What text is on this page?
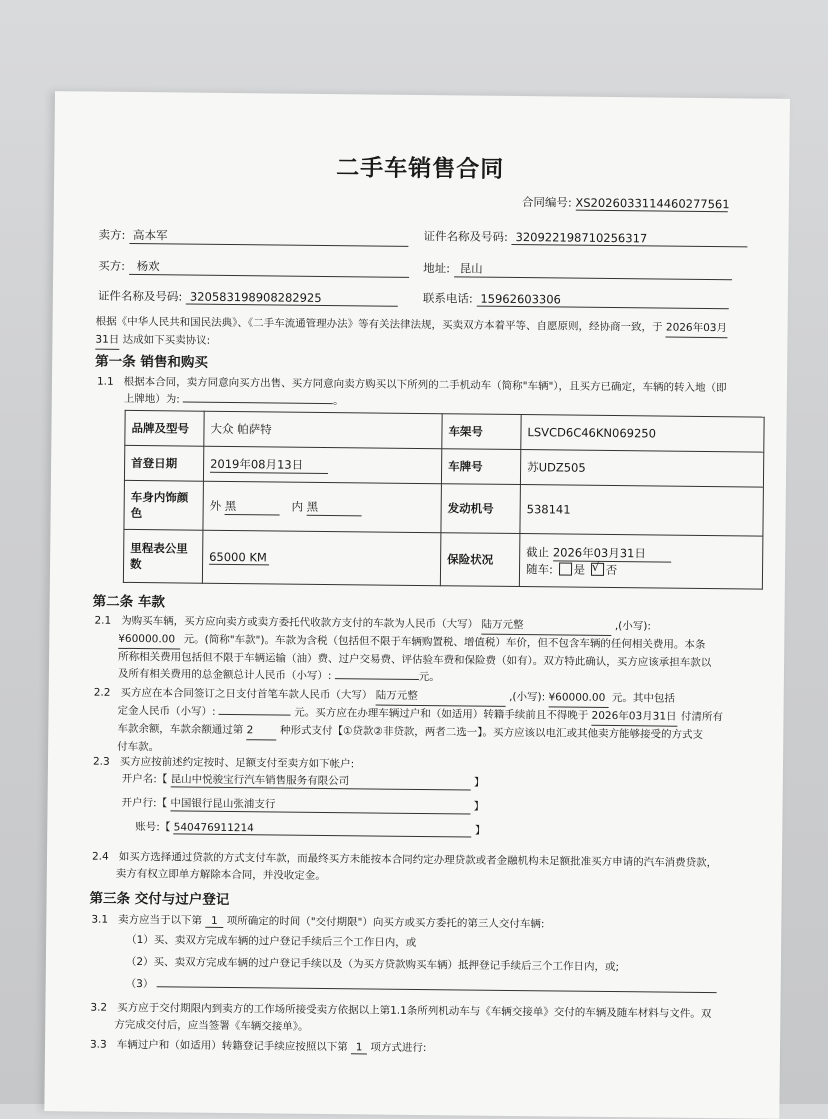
二手车销售合同
合同编号: XS2026033114460277561
卖方: 高本军	证件名称及号码: 320922198710256317
买方: 杨欢	地址: 昆山
证件名称及号码: 320583198908282925	联系电话: 15962603306
根据《中华人民共和国民法典》、《二手车流通管理办法》等有关法律法规，买卖双方本着平等、自愿原则，经协商一致，于 2026年03月
31日 达成如下买卖协议:
第一条 销售和购买
1.1 根据本合同，卖方同意向买方出售、买方同意向卖方购买以下所列的二手机动车（简称"车辆"），且买方已确定，车辆的转入地（即
上牌地）为:	。
品牌及型号	大众 帕萨特	车架号	LSVCD6C46KN069250
首登日期	2019年08月13日	车牌号	苏UDZ505
车身内饰颜
色	外 黑 内 黑	发动机号	538141
里程表公里
数	65000 KM	保险状况	截止 2026年03月31日
随车: 是 √ 否
第二条 车款
2.1 为购买车辆，买方应向卖方或卖方委托代收款方支付的车款为人民币（大写） 陆万元整	,(小写):
¥60000.00 元。(简称"车款")。车款为含税（包括但不限于车辆购置税、增值税）车价，但不包含车辆的任何相关费用。本条
所称相关费用包括但不限于车辆运输（油）费、过户交易费、评估验车费和保险费（如有）。双方特此确认，买方应该承担车款以
及所有相关费用的总金额总计人民币（小写）:	元。
2.2 买方应在本合同签订之日支付首笔车款人民币（大写） 陆万元整	,(小写): ¥60000.00 元。其中包括
定金人民币（小写）:	元。买方应在办理车辆过户和（如适用）转籍手续前且不得晚于 2026年03月31日 付清所有
车款余额，车款余额通过第 2	种形式支付【①贷款②非贷款，两者二选一】。买方应该以电汇或其他卖方能够接受的方式支
付车款。
2.3 买方应按前述约定按时、足额支付至卖方如下帐户:
开户名:【 昆山中悦骏宝行汽车销售服务有限公司	】
开户行:【 中国银行昆山张浦支行	】
账号:【 540476911214	】
2.4 如买方选择通过贷款的方式支付车款，而最终买方未能按本合同约定办理贷款或者金融机构未足额批准买方申请的汽车消费贷款，
卖方有权立即单方解除本合同，并没收定金。
第三条 交付与过户登记
3.1 卖方应当于以下第 1 项所确定的时间（"交付期限"）向买方或买方委托的第三人交付车辆:
（1）买、卖双方完成车辆的过户登记手续后三个工作日内，或
（2）买、卖双方完成车辆的过户登记手续以及（为买方贷款购买车辆）抵押登记手续后三个工作日内，或;
（3）
3.2 买方应于交付期限内到卖方的工作场所接受卖方依据以上第1.1条所列机动车与《车辆交接单》交付的车辆及随车材料与文件。双
方完成交付后，应当签署《车辆交接单》。
3.3 车辆过户和（如适用）转籍登记手续应按照以下第 1 项方式进行:
